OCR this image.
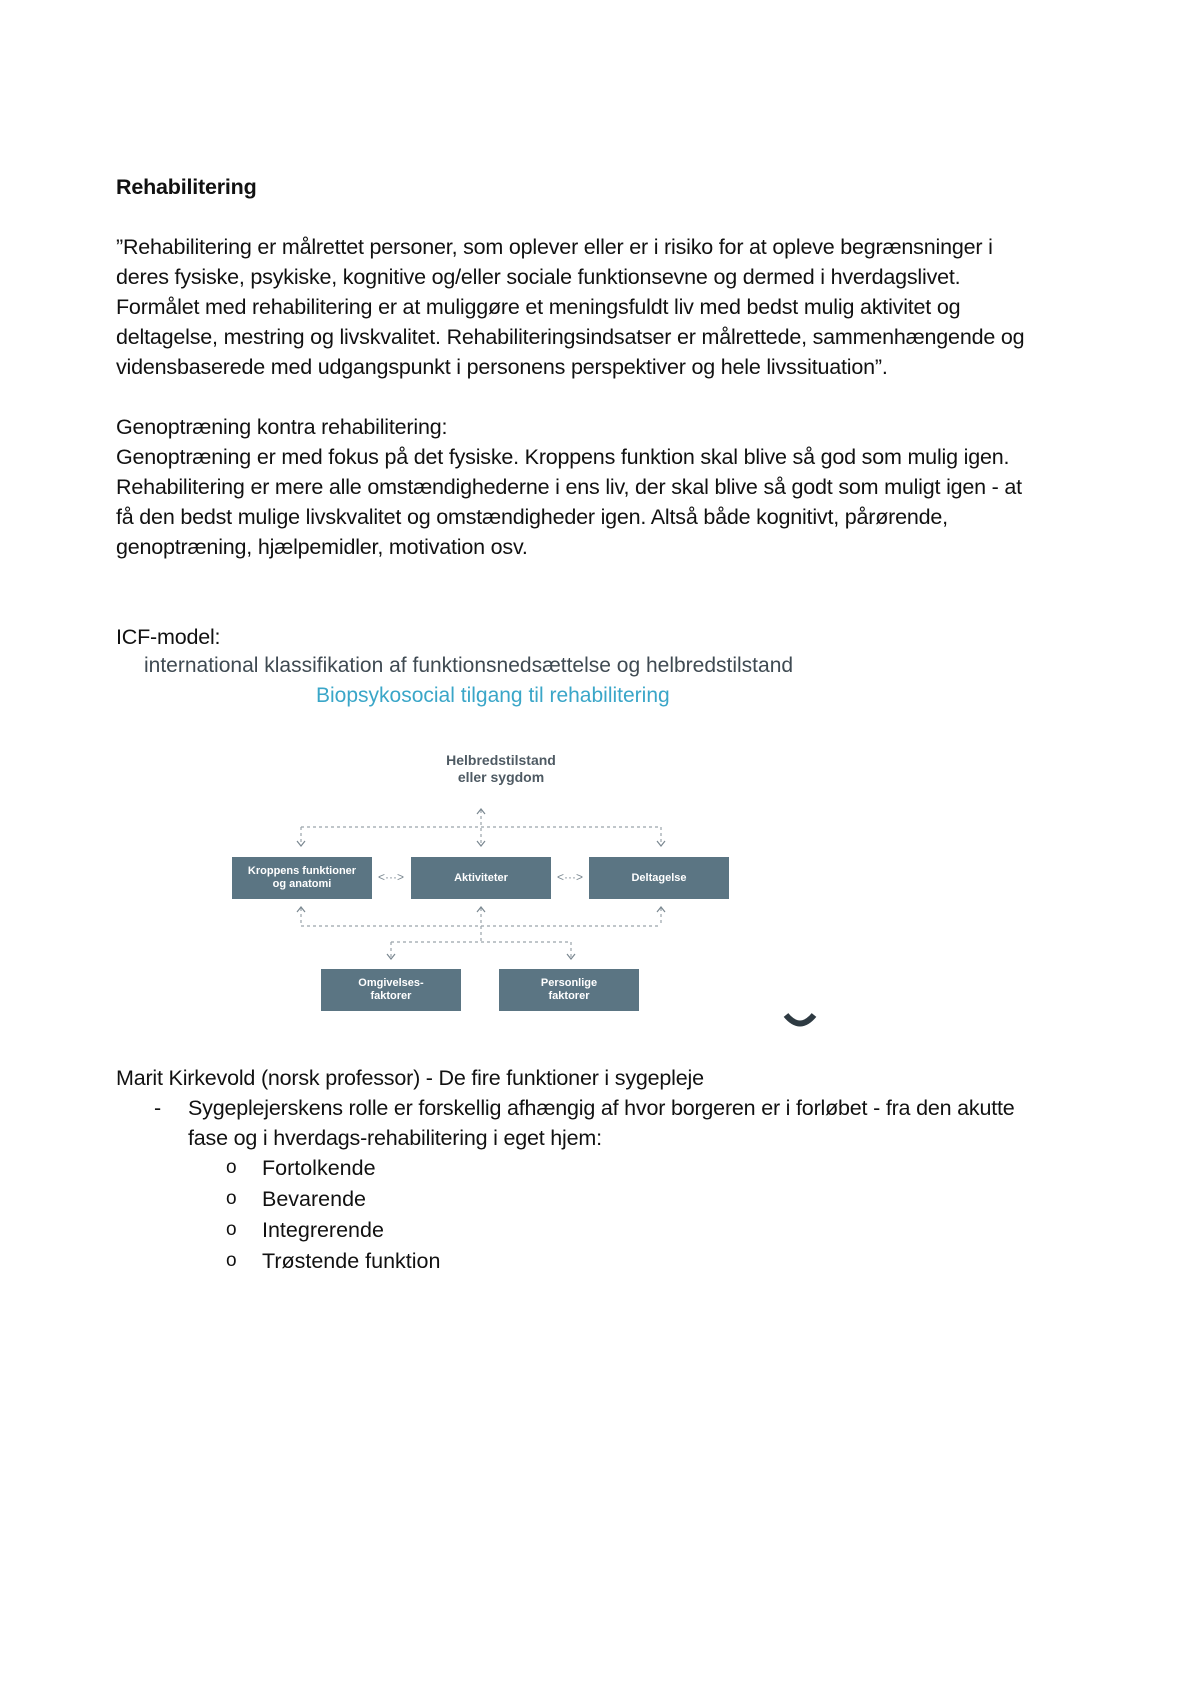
Rehabilitering
”Rehabilitering er målrettet personer, som oplever eller er i risiko for at opleve begrænsninger i
deres fysiske, psykiske, kognitive og/eller sociale funktionsevne og dermed i hverdagslivet.
Formålet med rehabilitering er at muliggøre et meningsfuldt liv med bedst mulig aktivitet og
deltagelse, mestring og livskvalitet. Rehabiliteringsindsatser er målrettede, sammenhængende og
vidensbaserede med udgangspunkt i personens perspektiver og hele livssituation”.
Genoptræning kontra rehabilitering:
Genoptræning er med fokus på det fysiske. Kroppens funktion skal blive så god som mulig igen.
Rehabilitering er mere alle omstændighederne i ens liv, der skal blive så godt som muligt igen - at
få den bedst mulige livskvalitet og omstændigheder igen. Altså både kognitivt, pårørende,
genoptræning, hjælpemidler, motivation osv.
ICF-model:
international klassifikation af funktionsnedsættelse og helbredstilstand
Biopsykosocial tilgang til rehabilitering
Helbredstilstand
eller sygdom
Kroppens funktioner
og anatomi	<···>	Aktiviteter	<···>	Deltagelse
Omgivelses-
faktorer
Personlige
faktorer
Marit Kirkevold (norsk professor) - De fire funktioner i sygepleje
- Sygeplejerskens rolle er forskellig afhængig af hvor borgeren er i forløbet - fra den akutte
fase og i hverdags-rehabilitering i eget hjem:
o Fortolkende
o Bevarende
o Integrerende
o Trøstende funktion
